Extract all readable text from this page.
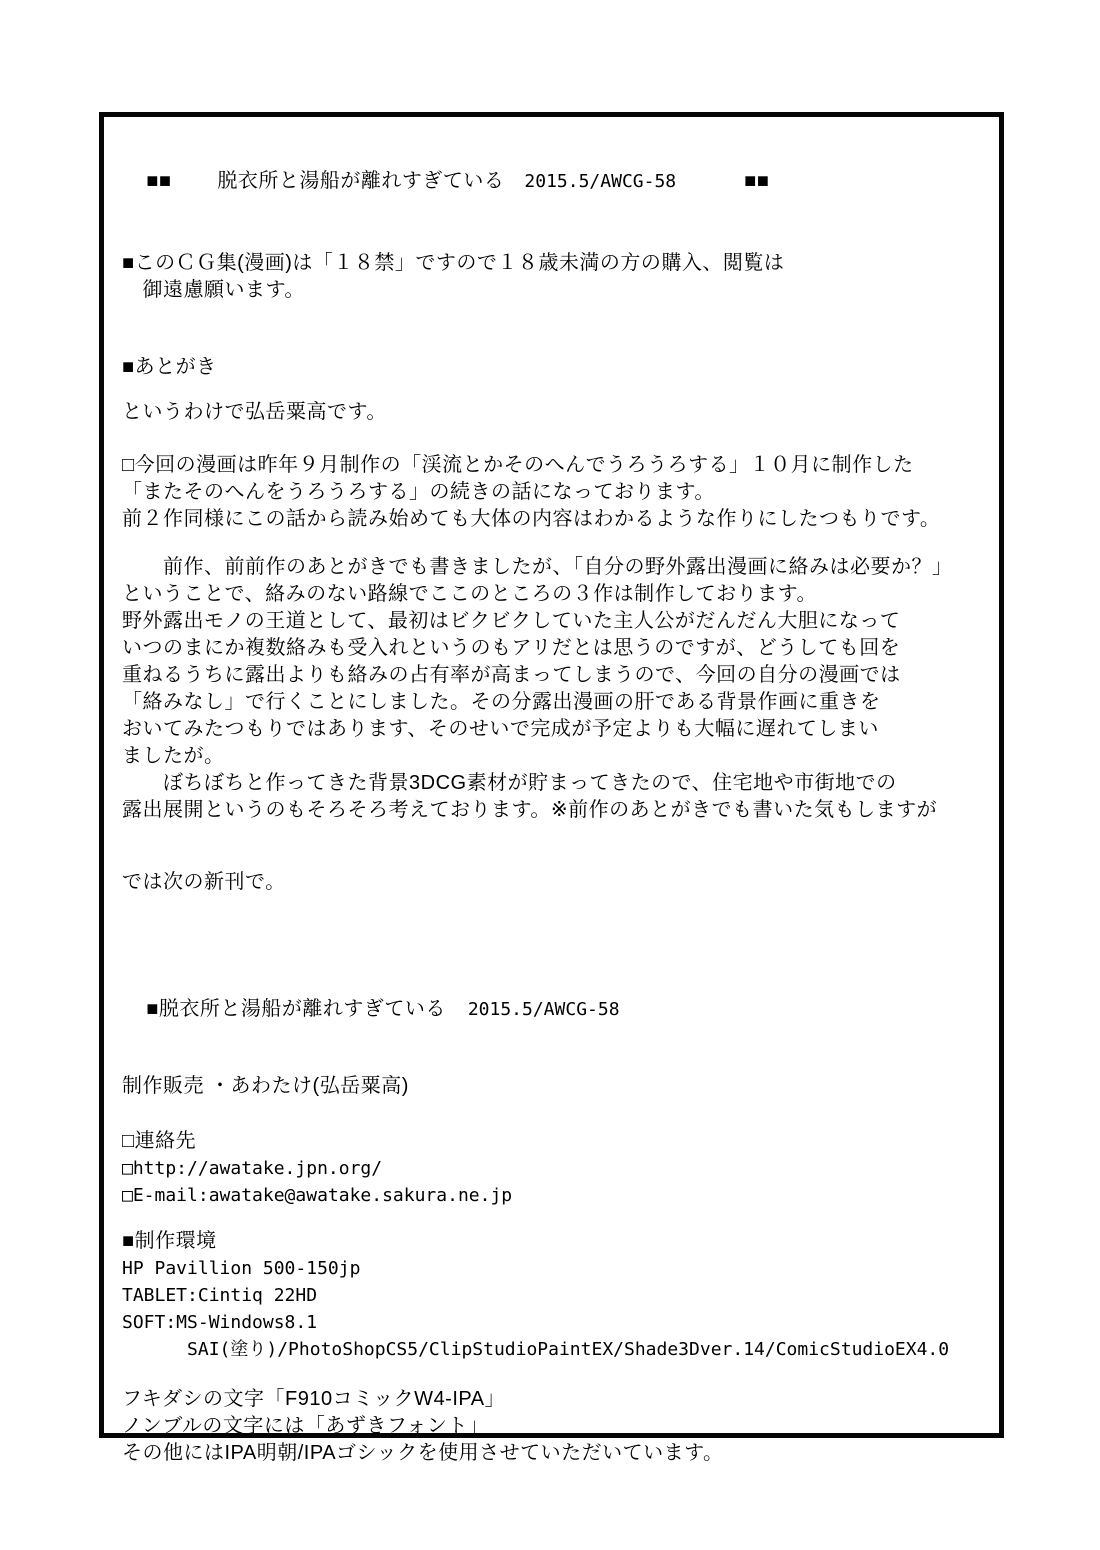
■■ 脱衣所と湯船が離れすぎている 2015.5/AWCG-58	■■

■このＣＧ集(漫画)は「１８禁」ですので１８歳未満の方の購入、閲覧は
　御遠慮願います。
■あとがき
というわけで弘岳粟高です。
□今回の漫画は昨年９月制作の「渓流とかそのへんでうろうろする」１０月に制作した
「またそのへんをうろうろする」の続きの話になっております。
前２作同様にこの話から読み始めても大体の内容はわかるような作りにしたつもりです。
　　前作、前前作のあとがきでも書きましたが、「自分の野外露出漫画に絡みは必要か？」
ということで、絡みのない路線でここのところの３作は制作しております。
野外露出モノの王道として、最初はビクビクしていた主人公がだんだん大胆になって
いつのまにか複数絡みも受入れというのもアリだとは思うのですが、どうしても回を
重ねるうちに露出よりも絡みの占有率が高まってしまうので、今回の自分の漫画では
「絡みなし」で行くことにしました。その分露出漫画の肝である背景作画に重きを
おいてみたつもりではあります、そのせいで完成が予定よりも大幅に遅れてしまい
ましたが。
　　ぼちぼちと作ってきた背景3DCG素材が貯まってきたので、住宅地や市街地での
露出展開というのもそろそろ考えております。※前作のあとがきでも書いた気もしますが
では次の新刊で。

■脱衣所と湯船が離れすぎている 2015.5/AWCG-58

制作販売 ・あわたけ(弘岳粟高)
□連絡先
□http://awatake.jpn.org/
□E-mail:awatake@awatake.sakura.ne.jp
■制作環境
HP Pavillion 500-150jp
TABLET:Cintiq 22HD
SOFT:MS-Windows8.1
SAI(塗り)/PhotoShopCS5/ClipStudioPaintEX/Shade3Dver.14/ComicStudioEX4.0
フキダシの文字「F910コミックW4-IPA」
ノンブルの文字には「あずきフォント」
その他にはIPA明朝/IPAゴシックを使用させていただいています。
